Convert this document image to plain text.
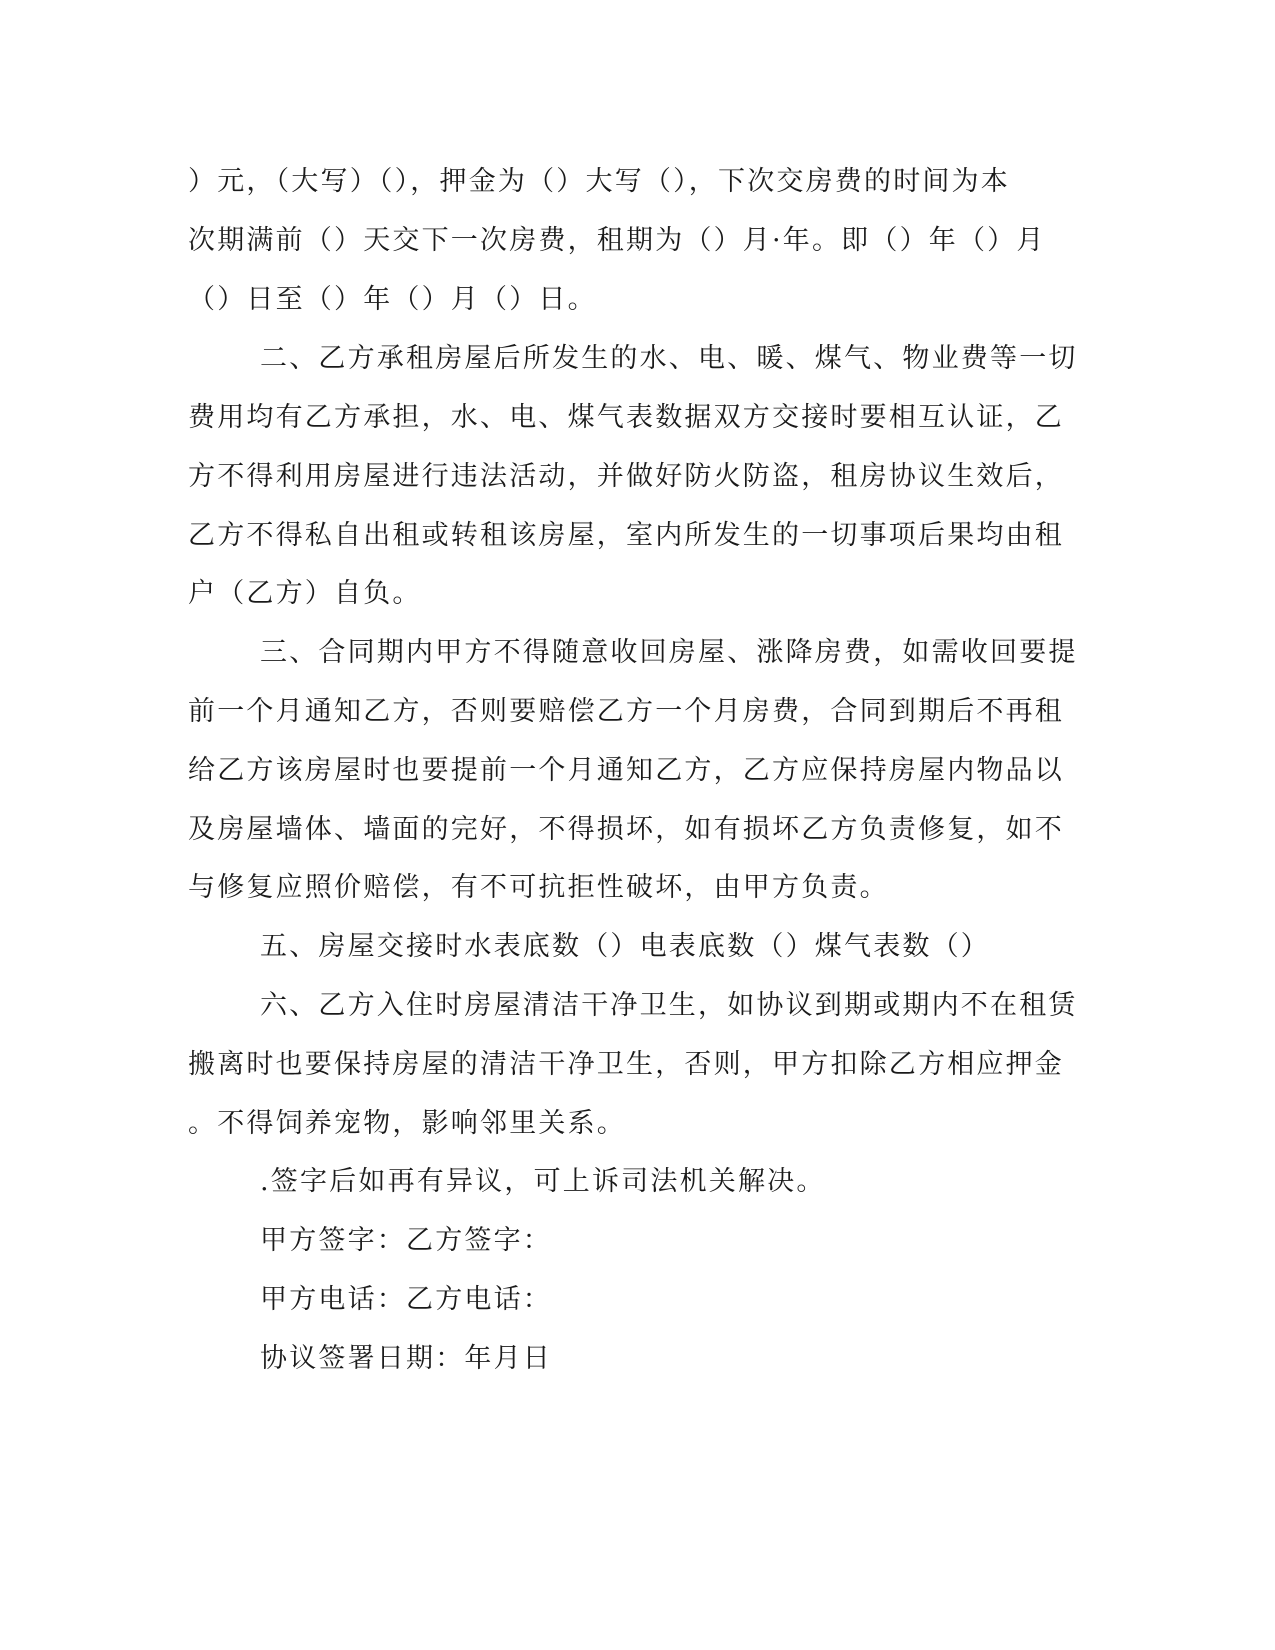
）元，（大写）（），押金为（）大写（），下次交房费的时间为本
次期满前（）天交下一次房费，租期为（）月·年。即（）年（）月
（）日至（）年（）月（）日。
二、乙方承租房屋后所发生的水、电、暖、煤气、物业费等一切
费用均有乙方承担，水、电、煤气表数据双方交接时要相互认证，乙
方不得利用房屋进行违法活动，并做好防火防盗，租房协议生效后，
乙方不得私自出租或转租该房屋，室内所发生的一切事项后果均由租
户（乙方）自负。
三、合同期内甲方不得随意收回房屋、涨降房费，如需收回要提
前一个月通知乙方，否则要赔偿乙方一个月房费，合同到期后不再租
给乙方该房屋时也要提前一个月通知乙方，乙方应保持房屋内物品以
及房屋墙体、墙面的完好，不得损坏，如有损坏乙方负责修复，如不
与修复应照价赔偿，有不可抗拒性破坏，由甲方负责。
五、房屋交接时水表底数（）电表底数（）煤气表数（）
六、乙方入住时房屋清洁干净卫生，如协议到期或期内不在租赁
搬离时也要保持房屋的清洁干净卫生，否则，甲方扣除乙方相应押金
。不得饲养宠物，影响邻里关系。
.签字后如再有异议，可上诉司法机关解决。
甲方签字：乙方签字：
甲方电话：乙方电话：
协议签署日期：年月日
